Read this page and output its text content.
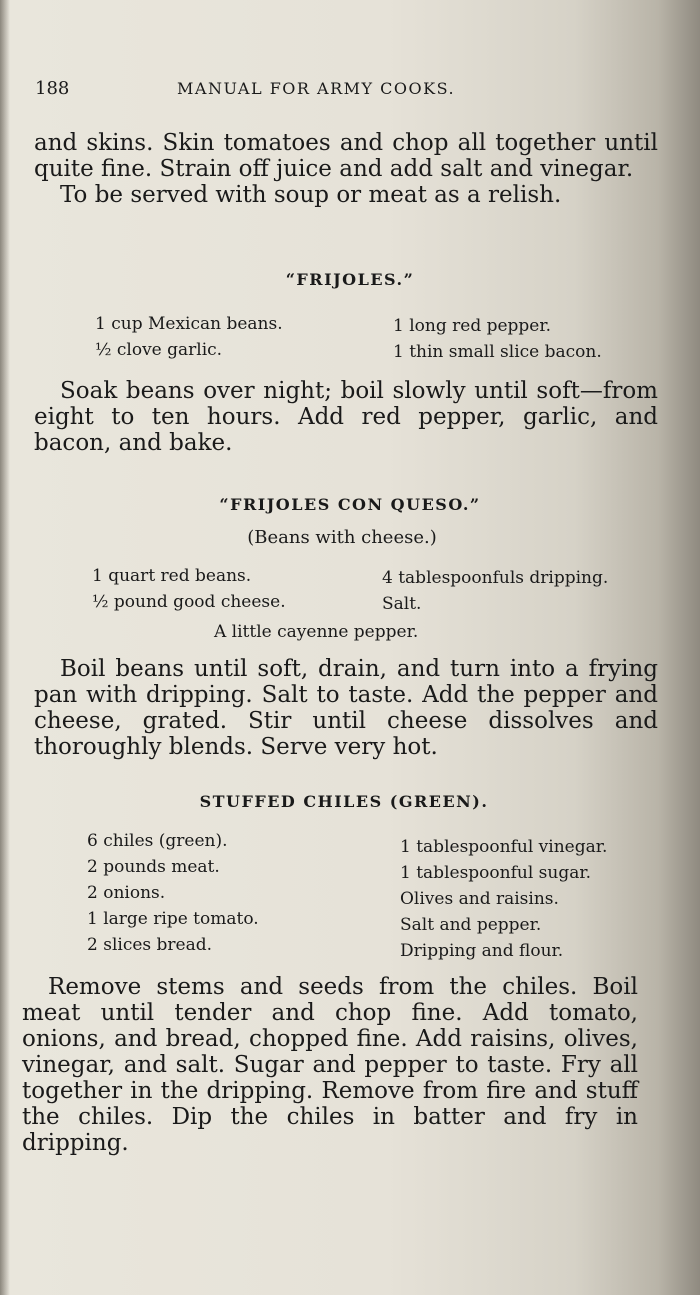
188	MANUAL FOR ARMY COOKS.

and skins. Skin tomatoes and chop all together until quite fine. Strain off juice and add salt and vinegar.

To be served with soup or meat as a relish.

“FRIJOLES.”
1 cup Mexican beans.
½ clove garlic.
1 long red pepper.
1 thin small slice bacon.

Soak beans over night; boil slowly until soft—from eight to ten hours. Add red pepper, garlic, and bacon, and bake.

“FRIJOLES CON QUESO.”
(Beans with cheese.)
1 quart red beans.
½ pound good cheese.
4 tablespoonfuls dripping.
Salt.
A little cayenne pepper.

Boil beans until soft, drain, and turn into a frying pan with dripping. Salt to taste. Add the pepper and cheese, grated. Stir until cheese dissolves and thoroughly blends. Serve very hot.

STUFFED CHILES (GREEN).
6 chiles (green).
2 pounds meat.
2 onions.
1 large ripe tomato.
2 slices bread.
1 tablespoonful vinegar.
1 tablespoonful sugar.
Olives and raisins.
Salt and pepper.
Dripping and flour.

Remove stems and seeds from the chiles. Boil meat until tender and chop fine. Add tomato, onions, and bread, chopped fine. Add raisins, olives, vinegar, and salt. Sugar and pepper to taste. Fry all together in the dripping. Remove from fire and stuff the chiles. Dip the chiles in batter and fry in dripping.
